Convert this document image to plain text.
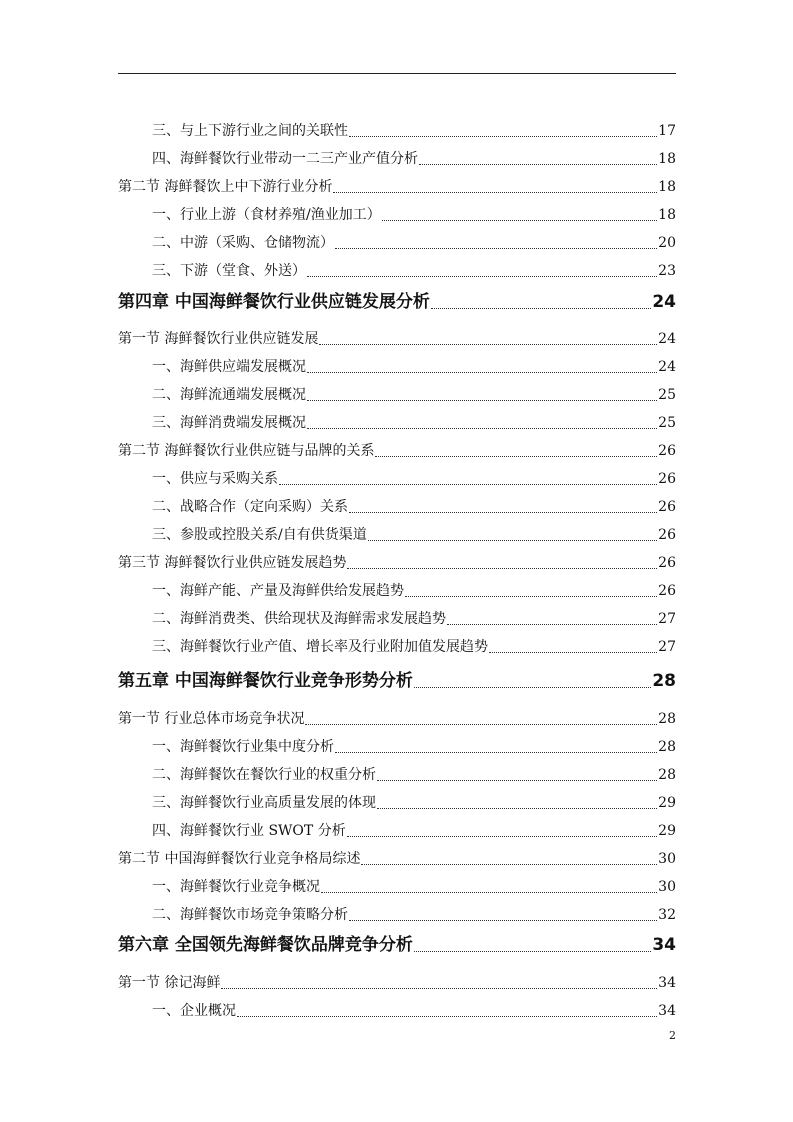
三、与上下游行业之间的关联性	17
四、海鲜餐饮行业带动一二三产业产值分析	18
第二节 海鲜餐饮上中下游行业分析	18
一、行业上游（食材养殖/渔业加工）	18
二、中游（采购、仓储物流）	20
三、下游（堂食、外送）	23
第四章 中国海鲜餐饮行业供应链发展分析	24
第一节 海鲜餐饮行业供应链发展	24
一、海鲜供应端发展概况	24
二、海鲜流通端发展概况	25
三、海鲜消费端发展概况	25
第二节 海鲜餐饮行业供应链与品牌的关系	26
一、供应与采购关系	26
二、战略合作（定向采购）关系	26
三、参股或控股关系/自有供货渠道	26
第三节 海鲜餐饮行业供应链发展趋势	26
一、海鲜产能、产量及海鲜供给发展趋势	26
二、海鲜消费类、供给现状及海鲜需求发展趋势	27
三、海鲜餐饮行业产值、增长率及行业附加值发展趋势	27
第五章 中国海鲜餐饮行业竞争形势分析	28
第一节 行业总体市场竞争状况	28
一、海鲜餐饮行业集中度分析	28
二、海鲜餐饮在餐饮行业的权重分析	28
三、海鲜餐饮行业高质量发展的体现	29
四、海鲜餐饮行业 SWOT 分析	29
第二节 中国海鲜餐饮行业竞争格局综述	30
一、海鲜餐饮行业竞争概况	30
二、海鲜餐饮市场竞争策略分析	32
第六章 全国领先海鲜餐饮品牌竞争分析	34
第一节 徐记海鲜	34
一、企业概况	34
2
